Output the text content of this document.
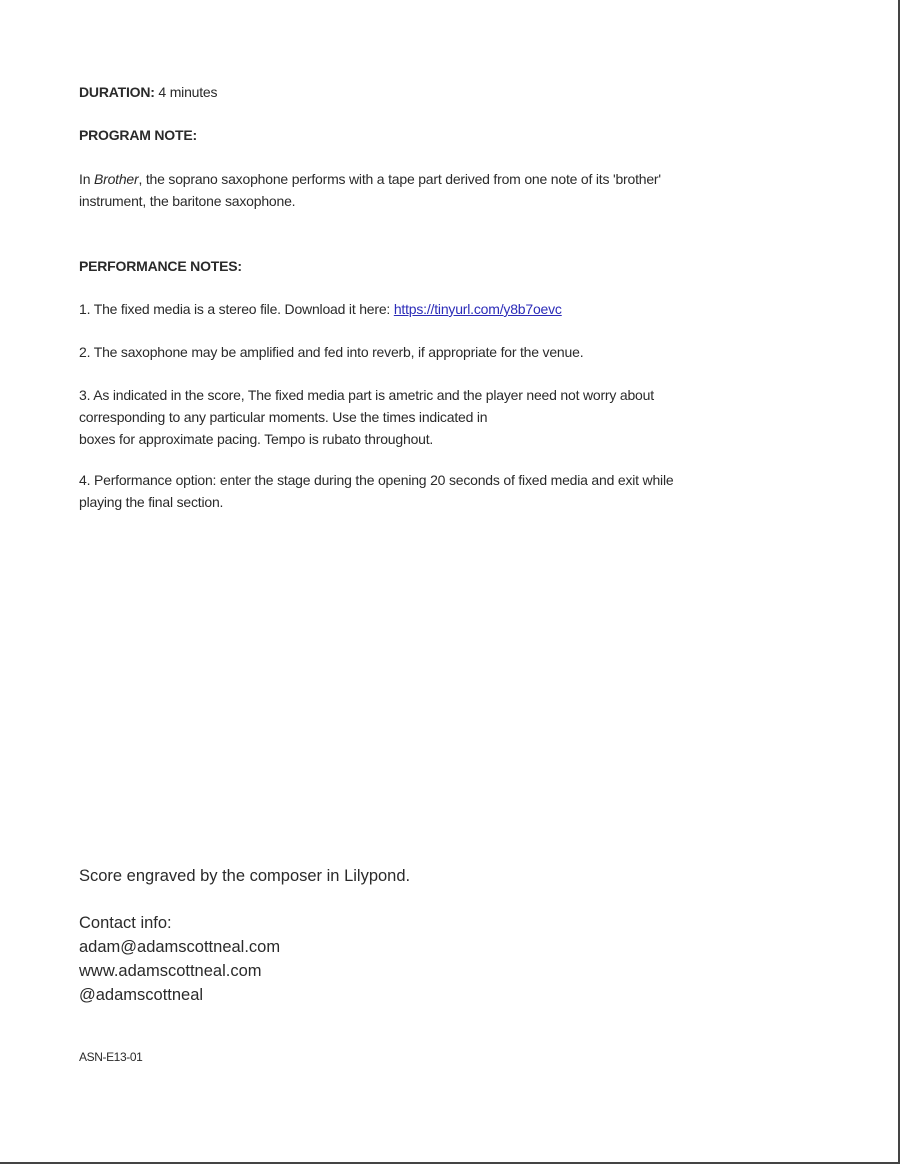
DURATION: 4 minutes
PROGRAM NOTE:
In Brother, the soprano saxophone performs with a tape part derived from one note of its 'brother'
instrument, the baritone saxophone.
PERFORMANCE NOTES:
1. The fixed media is a stereo file. Download it here: https://tinyurl.com/y8b7oevc
2. The saxophone may be amplified and fed into reverb, if appropriate for the venue.
3. As indicated in the score, The fixed media part is ametric and the player need not worry about
corresponding to any particular moments. Use the times indicated in
boxes for approximate pacing. Tempo is rubato throughout.
4. Performance option: enter the stage during the opening 20 seconds of fixed media and exit while
playing the final section.
Score engraved by the composer in Lilypond.
Contact info:
adam@adamscottneal.com
www.adamscottneal.com
@adamscottneal
ASN-E13-01
